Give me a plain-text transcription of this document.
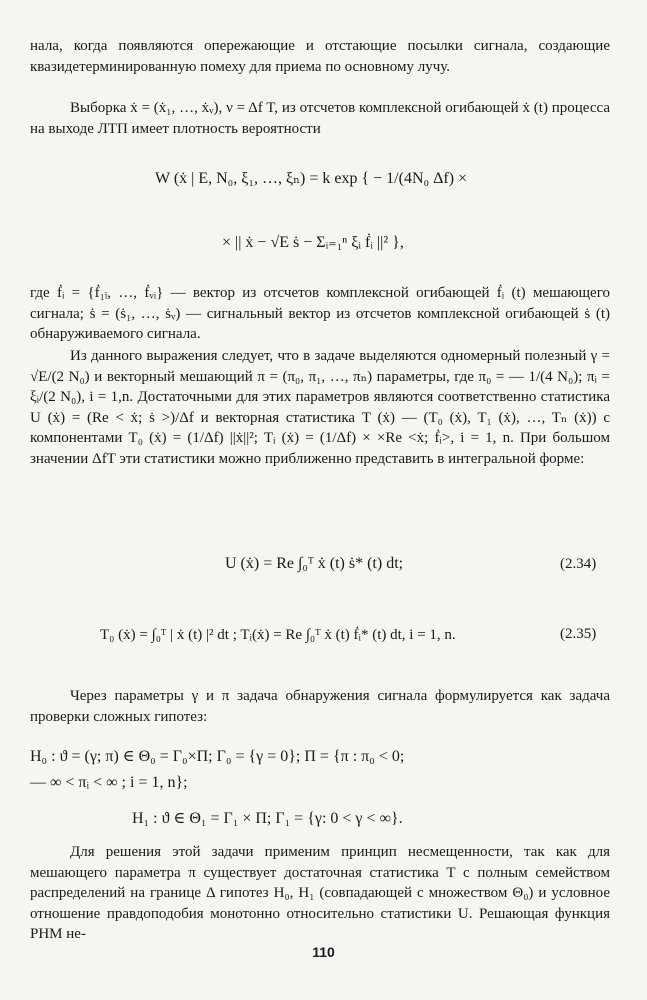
нала, когда появляются опережающие и отстающие посылки сигнала, создающие квазидетерминированную помеху для приема по основному лучу.

Выборка ẋ = (ẋ₁, …, ẋᵥ), ν = Δf T, из отсчетов комплексной огибающей ẋ (t) процесса на выходе ЛТП имеет плотность вероятности

W (ẋ | E, N₀, ξ₁, …, ξₙ) = k exp { − 1/(4N₀ Δf) ×
× || ẋ − √E ṡ − Σᵢ₌₁ⁿ ξᵢ ḟᵢ ||² },

где ḟᵢ = {ḟ₁ᵢ, …, ḟᵥᵢ} — вектор из отсчетов комплексной огибающей ḟᵢ (t) мешающего сигнала; ṡ = (ṡ₁, …, ṡᵥ) — сигнальный вектор из отсчетов комплексной огибающей ṡ (t) обнаруживаемого сигнала.

Из данного выражения следует, что в задаче выделяются одномерный полезный γ = √E/(2 N₀) и векторный мешающий π = (π₀, π₁, …, πₙ) параметры, где π₀ = — 1/(4 N₀); πᵢ = ξᵢ/(2 N₀), i = 1,n. Достаточными для этих параметров являются соответственно статистика U (ẋ) = (Re < ẋ; ṡ >)/Δf и векторная статистика T (ẋ) — (T₀ (ẋ), T₁ (ẋ), …, Tₙ (ẋ)) с компонентами T₀ (ẋ) = (1/Δf) ||ẋ||²; Tᵢ (ẋ) = (1/Δf) × ×Re <ẋ; ḟᵢ>, i = 1, n. При большом значении ΔfT эти статистики можно приближенно представить в интегральной форме:

U (ẋ) = Re ∫₀ᵀ ẋ (t) ṡ* (t) dt;	(2.34)
T₀ (ẋ) = ∫₀ᵀ | ẋ (t) |² dt ; Tᵢ(ẋ) = Re ∫₀ᵀ ẋ (t) ḟᵢ* (t) dt, i = 1, n.	(2.35)

Через параметры γ и π задача обнаружения сигнала формулируется как задача проверки сложных гипотез:

H₀ : ϑ = (γ; π) ∈ Θ₀ = Γ₀×Π; Γ₀ = {γ = 0}; Π = {π : π₀ < 0;
— ∞ < πᵢ < ∞ ; i = 1, n};
H₁ : ϑ ∈ Θ₁ = Γ₁ × Π; Γ₁ = {γ: 0 < γ < ∞}.

Для решения этой задачи применим принцип несмещенности, так как для мешающего параметра π существует достаточная статистика T с полным семейством распределений на границе Δ гипотез H₀, H₁ (совпадающей с множеством Θ₀) и условное отношение правдоподобия монотонно относительно статистики U. Решающая функция РНМ не-

110
